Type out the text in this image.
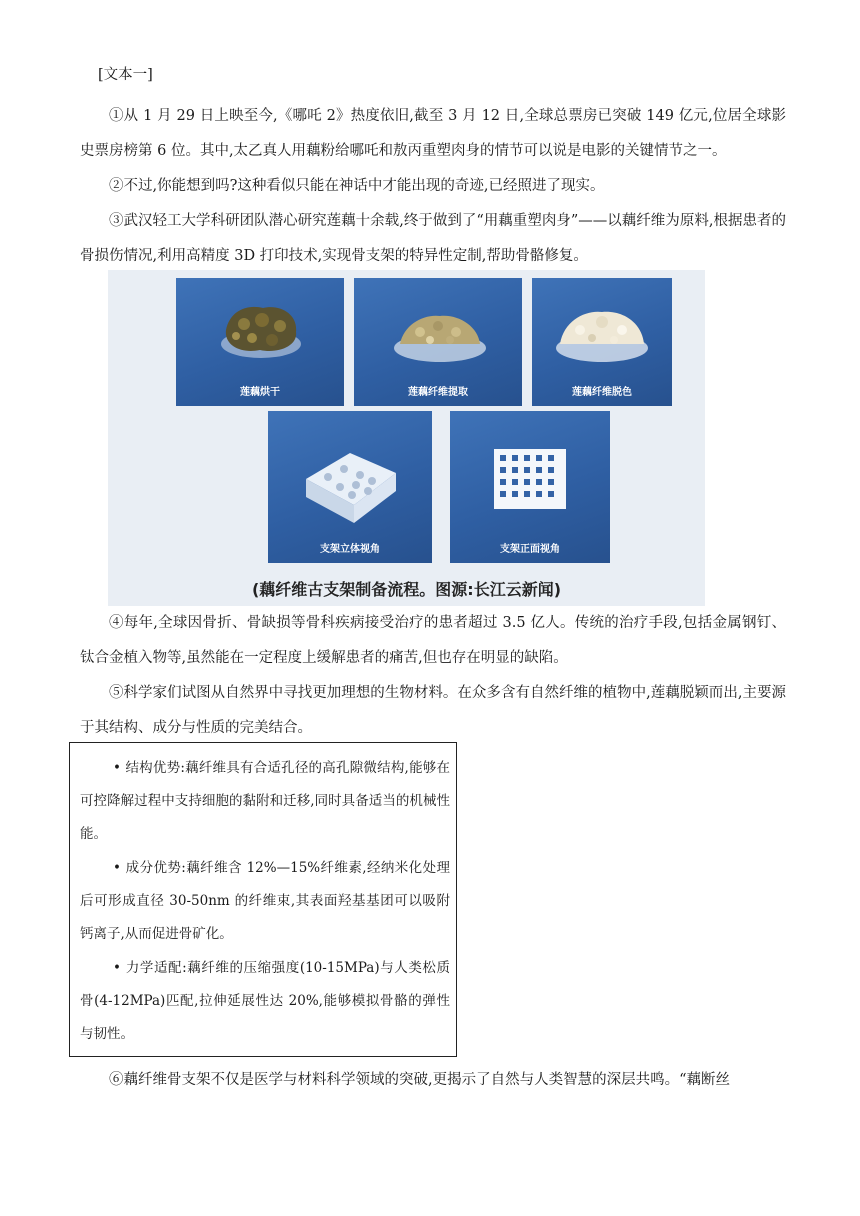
[文本一]

①从 1 月 29 日上映至今,《哪吒 2》热度依旧,截至 3 月 12 日,全球总票房已突破 149 亿元,位居全球影史票房榜第 6 位。其中,太乙真人用藕粉给哪吒和敖丙重塑肉身的情节可以说是电影的关键情节之一。

②不过,你能想到吗?这种看似只能在神话中才能出现的奇迹,已经照进了现实。

③武汉轻工大学科研团队潜心研究莲藕十余载,终于做到了“用藕重塑肉身”——以藕纤维为原料,根据患者的骨损伤情况,利用高精度 3D 打印技术,实现骨支架的特异性定制,帮助骨骼修复。

莲藕烘干	莲藕纤维提取	莲藕纤维脱色
支架立体视角	支架正面视角
(藕纤维古支架制备流程。图源:长江云新闻)

④每年,全球因骨折、骨缺损等骨科疾病接受治疗的患者超过 3.5 亿人。传统的治疗手段,包括金属钢钉、钛合金植入物等,虽然能在一定程度上缓解患者的痛苦,但也存在明显的缺陷。

⑤科学家们试图从自然界中寻找更加理想的生物材料。在众多含有自然纤维的植物中,莲藕脱颖而出,主要源于其结构、成分与性质的完美结合。

• 结构优势:藕纤维具有合适孔径的高孔隙微结构,能够在可控降解过程中支持细胞的黏附和迁移,同时具备适当的机械性能。

• 成分优势:藕纤维含 12%—15%纤维素,经纳米化处理后可形成直径 30-50nm 的纤维束,其表面羟基基团可以吸附钙离子,从而促进骨矿化。

• 力学适配:藕纤维的压缩强度(10-15MPa)与人类松质骨(4-12MPa)匹配,拉伸延展性达 20%,能够模拟骨骼的弹性与韧性。

⑥藕纤维骨支架不仅是医学与材料科学领域的突破,更揭示了自然与人类智慧的深层共鸣。“藕断丝
